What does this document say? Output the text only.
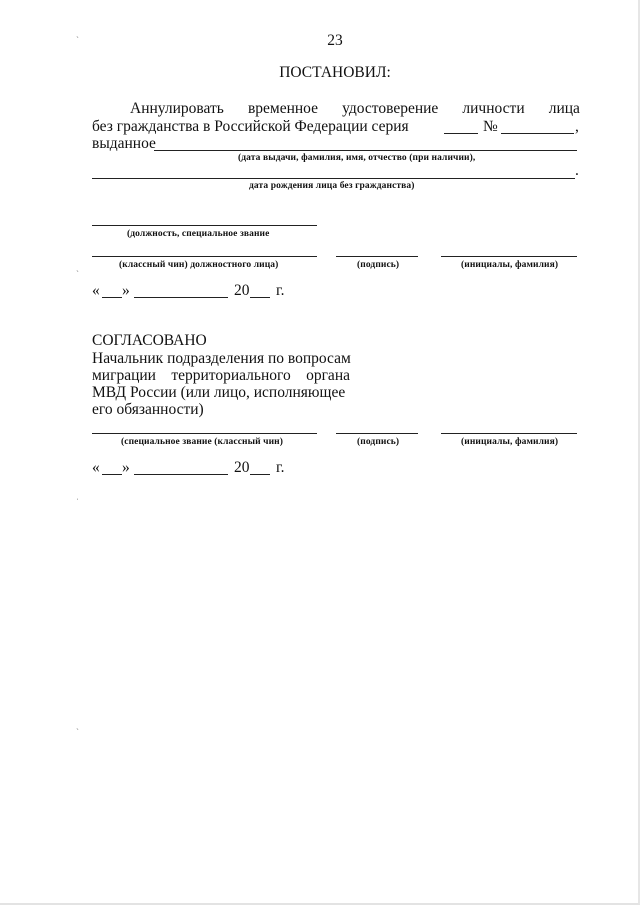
ˎ
ˎ
ˌ
ˎ
23
ПОСТАНОВИЛ:
Аннулировать временное удостоверение личности лица
без гражданства в Российской Федерации серия	№	,
выданное
(дата выдачи, фамилия, имя, отчество (при наличии),
.
дата рождения лица без гражданства)
(должность, специальное звание
(классный чин) должностного лица)	(подпись)	(инициалы, фамилия)
« »	20 г.
СОГЛАСОВАНО
Начальник подразделения по вопросам
миграции территориального органа
МВД России (или лицо, исполняющее
его обязанности)
(специальное звание (классный чин)	(подпись)	(инициалы, фамилия)
« »	20 г.
